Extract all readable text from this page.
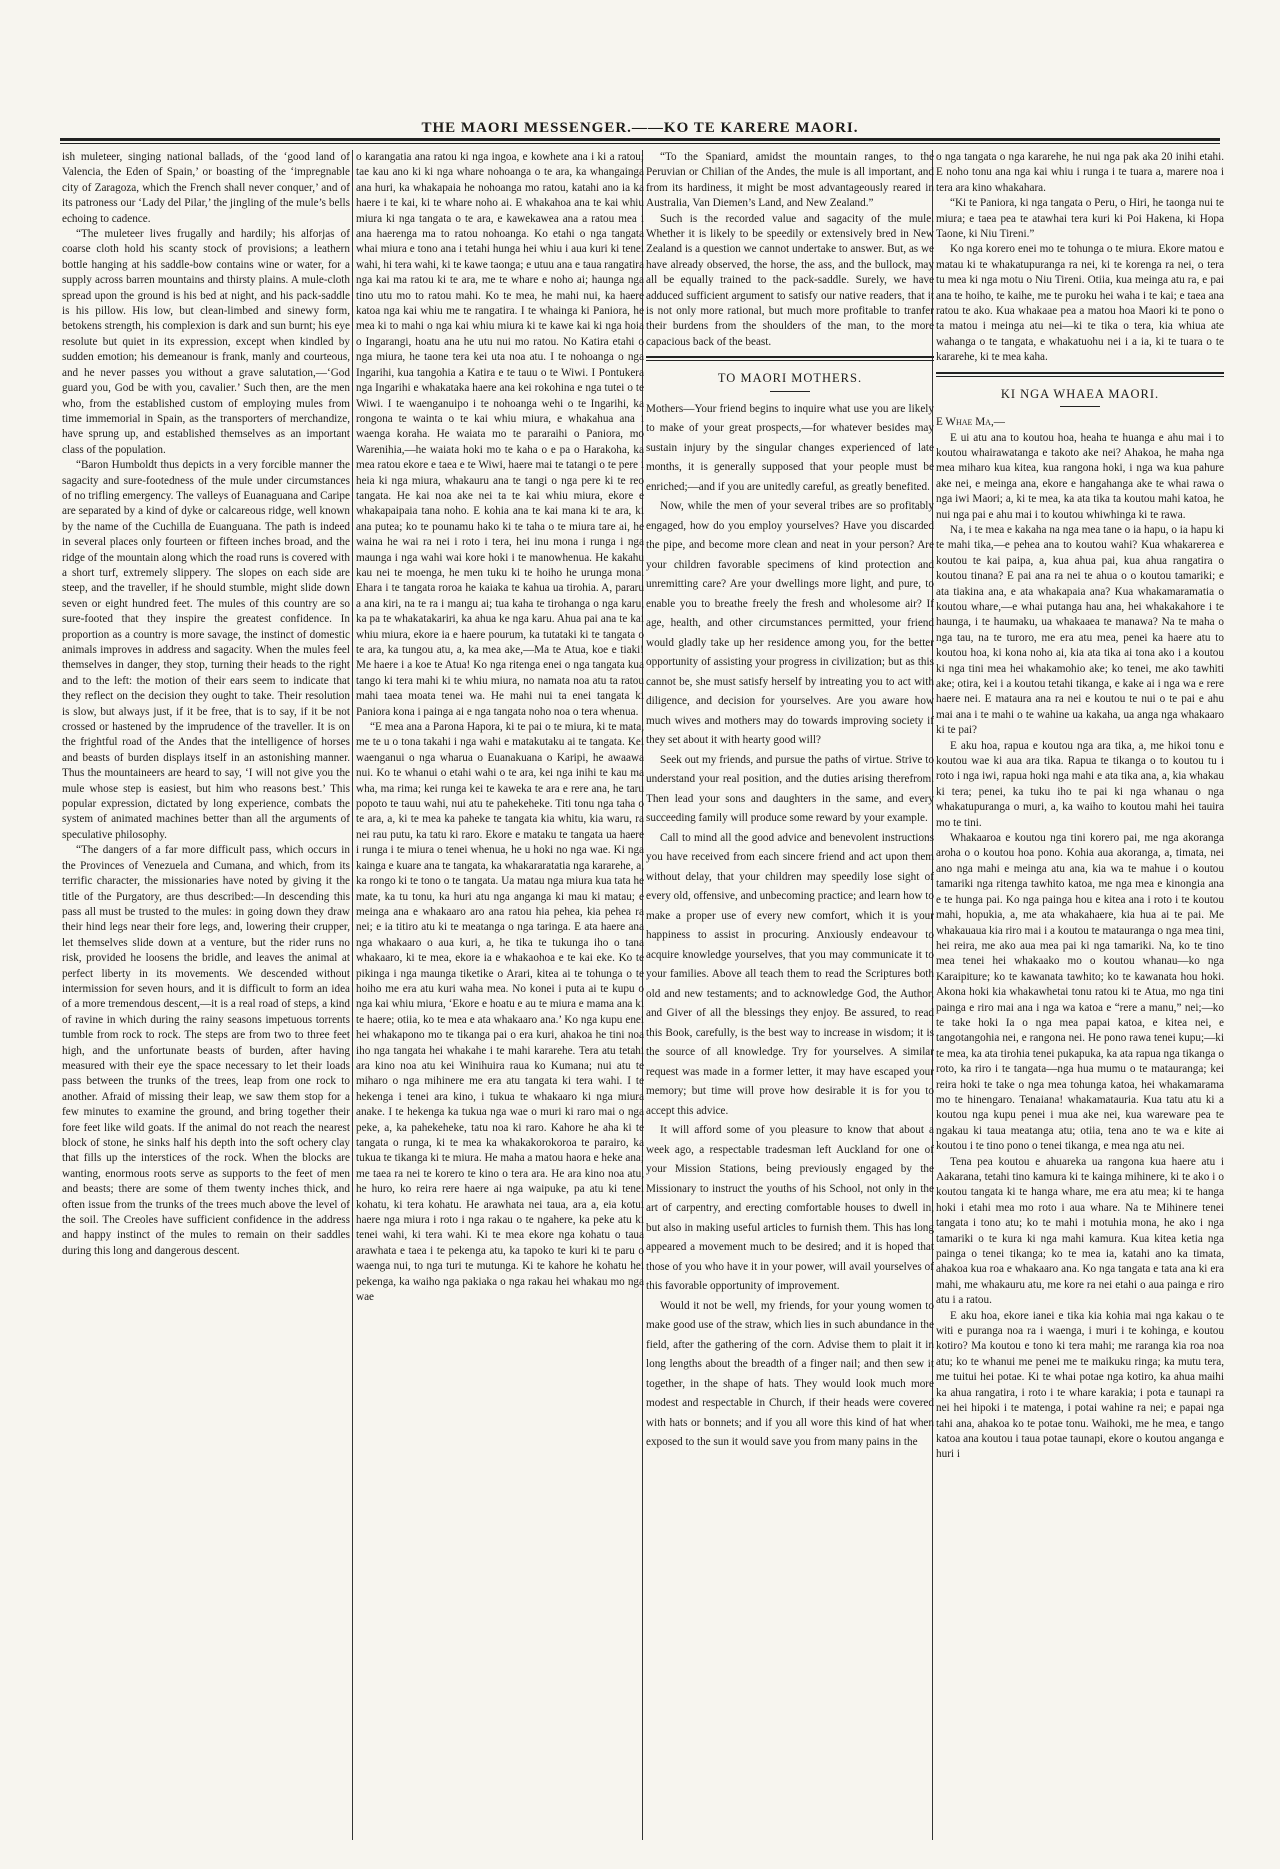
THE MAORI MESSENGER.——KO TE KARERE MAORI.

ish muleteer, singing national ballads, of the ‘good land of Valencia, the Eden of Spain,’ or boasting of the ‘impregnable city of Zaragoza, which the French shall never conquer,’ and of its patroness our ‘Lady del Pilar,’ the jingling of the mule’s bells echoing to cadence.

“The muleteer lives frugally and hardily; his alforjas of coarse cloth hold his scanty stock of provisions; a leathern bottle hanging at his saddle-bow contains wine or water, for a supply across barren mountains and thirsty plains. A mule-cloth spread upon the ground is his bed at night, and his pack-saddle is his pillow. His low, but clean-limbed and sinewy form, betokens strength, his complexion is dark and sun burnt; his eye resolute but quiet in its expression, except when kindled by sudden emotion; his demeanour is frank, manly and courteous, and he never passes you without a grave salutation,—‘God guard you, God be with you, cavalier.’ Such then, are the men who, from the established custom of employing mules from time immemorial in Spain, as the transporters of merchandize, have sprung up, and established themselves as an important class of the population.

“Baron Humboldt thus depicts in a very forcible manner the sagacity and sure-footedness of the mule under circumstances of no trifling emergency. The valleys of Euanaguana and Caripe are separated by a kind of dyke or calcareous ridge, well known by the name of the Cuchilla de Euanguana. The path is indeed in several places only fourteen or fifteen inches broad, and the ridge of the mountain along which the road runs is covered with a short turf, extremely slippery. The slopes on each side are steep, and the traveller, if he should stumble, might slide down seven or eight hundred feet. The mules of this country are so sure-footed that they inspire the greatest confidence. In proportion as a country is more savage, the instinct of domestic animals improves in address and sagacity. When the mules feel themselves in danger, they stop, turning their heads to the right and to the left: the motion of their ears seem to indicate that they reflect on the decision they ought to take. Their resolution is slow, but always just, if it be free, that is to say, if it be not crossed or hastened by the imprudence of the traveller. It is on the frightful road of the Andes that the intelligence of horses and beasts of burden displays itself in an astonishing manner. Thus the mountaineers are heard to say, ‘I will not give you the mule whose step is easiest, but him who reasons best.’ This popular expression, dictated by long experience, combats the system of animated machines better than all the arguments of speculative philosophy.

“The dangers of a far more difficult pass, which occurs in the Provinces of Venezuela and Cumana, and which, from its terrific character, the missionaries have noted by giving it the title of the Purgatory, are thus described:—In descending this pass all must be trusted to the mules: in going down they draw their hind legs near their fore legs, and, lowering their crupper, let themselves slide down at a venture, but the rider runs no risk, provided he loosens the bridle, and leaves the animal at perfect liberty in its movements. We descended without intermission for seven hours, and it is difficult to form an idea of a more tremendous descent,—it is a real road of steps, a kind of ravine in which during the rainy seasons impetuous torrents tumble from rock to rock. The steps are from two to three feet high, and the unfortunate beasts of burden, after having measured with their eye the space necessary to let their loads pass between the trunks of the trees, leap from one rock to another. Afraid of missing their leap, we saw them stop for a few minutes to examine the ground, and bring together their fore feet like wild goats. If the animal do not reach the nearest block of stone, he sinks half his depth into the soft ochery clay that fills up the interstices of the rock. When the blocks are wanting, enormous roots serve as supports to the feet of men and beasts; there are some of them twenty inches thick, and often issue from the trunks of the trees much above the level of the soil. The Creoles have sufficient confidence in the address and happy instinct of the mules to remain on their saddles during this long and dangerous descent.

o karangatia ana ratou ki nga ingoa, e kowhete ana i ki a ratou; tae kau ano ki ki nga whare nohoanga o te ara, ka whangainga ana huri, ka whakapaia he nohoanga mo ratou, katahi ano ia ka haere i te kai, ki te whare noho ai. E whakahoa ana te kai whiu miura ki nga tangata o te ara, e kawekawea ana a ratou mea i ana haerenga ma to ratou nohoanga. Ko etahi o nga tangata whai miura e tono ana i tetahi hunga hei whiu i aua kuri ki tenei wahi, hi tera wahi, ki te kawe taonga; e utuu ana e taua rangatira nga kai ma ratou ki te ara, me te whare e noho ai; haunga nga tino utu mo to ratou mahi. Ko te mea, he mahi nui, ka haere katoa nga kai whiu me te rangatira. I te whainga ki Paniora, he mea ki to mahi o nga kai whiu miura ki te kawe kai ki nga hoia o Ingarangi, hoatu ana he utu nui mo ratou. No Katira etahi o nga miura, he taone tera kei uta noa atu. I te nohoanga o nga Ingarihi, kua tangohia a Katira e te tauu o te Wiwi. I Pontukera nga Ingarihi e whakataka haere ana kei rokohina e nga tutei o te Wiwi. I te waenganuipo i te nohoanga wehi o te Ingarihi, ka rongona te wainta o te kai whiu miura, e whakahua ana i waenga koraha. He waiata mo te pararaihi o Paniora, mo Warenihia,—he waiata hoki mo te kaha o e pa o Harakoha, ka mea ratou ekore e taea e te Wiwi, haere mai te tatangi o te pere i heia ki nga miura, whakauru ana te tangi o nga pere ki te reo tangata. He kai noa ake nei ta te kai whiu miura, ekore e whakapaipaia tana noho. E kohia ana te kai mana ki te ara, ki ana putea; ko te pounamu hako ki te taha o te miura tare ai, he waina he wai ra nei i roto i tera, hei inu mona i runga i nga maunga i nga wahi wai kore hoki i te manowhenua. He kakahu kau nei te moenga, he men tuku ki te hoiho he urunga mona. Ehara i te tangata roroa he kaiaka te kahua ua tirohia. A, pararu a ana kiri, na te ra i mangu ai; tua kaha te tirohanga o nga karu, ka pa te whakatakariri, ka ahua ke nga karu. Ahua pai ana te kai whiu miura, ekore ia e haere pourum, ka tutataki ki te tangata o te ara, ka tungou atu, a, ka mea ake,—Ma te Atua, koe e tiaki! Me haere i a koe te Atua! Ko nga ritenga enei o nga tangata kua tango ki tera mahi ki te whiu miura, no namata noa atu ta ratou mahi taea moata tenei wa. He mahi nui ta enei tangata ki Paniora kona i painga ai e nga tangata noho noa o tera whenua.

“E mea ana a Parona Hapora, ki te pai o te miura, ki te mata, me te u o tona takahi i nga wahi e matakutaku ai te tangata. Kei waenganui o nga wharua o Euanakuana o Karipi, he awaawa nui. Ko te whanui o etahi wahi o te ara, kei nga inihi te kau ma wha, ma rima; kei runga kei te kaweka te ara e rere ana, he taru popoto te tauu wahi, nui atu te pahekeheke. Titi tonu nga taha o te ara, a, ki te mea ka paheke te tangata kia whitu, kia waru, ra nei rau putu, ka tatu ki raro. Ekore e mataku te tangata ua haere i runga i te miura o tenei whenua, he u hoki no nga wae. Ki nga kainga e kuare ana te tangata, ka whakararatatia nga kararehe, a, ka rongo ki te tono o te tangata. Ua matau nga miura kua tata he mate, ka tu tonu, ka huri atu nga anganga ki mau ki matau; e meinga ana e whakaaro aro ana ratou hia pehea, kia pehea ra nei; e ia titiro atu ki te meatanga o nga taringa. E ata haere ana nga whakaaro o aua kuri, a, he tika te tukunga iho o tana whakaaro, ki te mea, ekore ia e whakaohoa e te kai eke. Ko te pikinga i nga maunga tiketike o Arari, kitea ai te tohunga o te hoiho me era atu kuri waha mea. No konei i puta ai te kupu o nga kai whiu miura, ‘Ekore e hoatu e au te miura e mama ana ki te haere; otiia, ko te mea e ata whakaaro ana.’ Ko nga kupu enei hei whakapono mo te tikanga pai o era kuri, ahakoa he tini noa iho nga tangata hei whakahe i te mahi kararehe. Tera atu tetahi ara kino noa atu kei Winihuira raua ko Kumana; nui atu te miharo o nga mihinere me era atu tangata ki tera wahi. I te hekenga i tenei ara kino, i tukua te whakaaro ki nga miura anake. I te hekenga ka tukua nga wae o muri ki raro mai o nga peke, a, ka pahekeheke, tatu noa ki raro. Kahore he aha ki te tangata o runga, ki te mea ka whakakorokoroa te parairo, ka tukua te tikanga ki te miura. He maha a matou haora e heke ana; me taea ra nei te korero te kino o tera ara. He ara kino noa atu, he huro, ko reira rere haere ai nga waipuke, pa atu ki tenei kohatu, ki tera kohatu. He arawhata nei taua, ara a, eia kotui haere nga miura i roto i nga rakau o te ngahere, ka peke atu ki tenei wahi, ki tera wahi. Ki te mea ekore nga kohatu o taua arawhata e taea i te pekenga atu, ka tapoko te kuri ki te paru o waenga nui, to nga turi te mutunga. Ki te kahore he kohatu hei pekenga, ka waiho nga pakiaka o nga rakau hei whakau mo nga wae

“To the Spaniard, amidst the mountain ranges, to the Peruvian or Chilian of the Andes, the mule is all important, and from its hardiness, it might be most advantageously reared in Australia, Van Diemen’s Land, and New Zealand.”

Such is the recorded value and sagacity of the mule. Whether it is likely to be speedily or extensively bred in New Zealand is a question we cannot undertake to answer. But, as we have already observed, the horse, the ass, and the bullock, may all be equally trained to the pack-saddle. Surely, we have adduced sufficient argument to satisfy our native readers, that it is not only more rational, but much more profitable to tranfer their burdens from the shoulders of the man, to the more capacious back of the beast.

TO MAORI MOTHERS.

Mothers—Your friend begins to inquire what use you are likely to make of your great prospects,—for whatever besides may sustain injury by the singular changes experienced of late months, it is generally supposed that your people must be enriched;—and if you are unitedly careful, as greatly benefited.

Now, while the men of your several tribes are so profitably engaged, how do you employ yourselves? Have you discarded the pipe, and become more clean and neat in your person? Are your children favorable specimens of kind protection and unremitting care? Are your dwellings more light, and pure, to enable you to breathe freely the fresh and wholesome air? If age, health, and other circumstances permitted, your friend would gladly take up her residence among you, for the better opportunity of assisting your progress in civilization; but as this cannot be, she must satisfy herself by intreating you to act with diligence, and decision for yourselves. Are you aware how much wives and mothers may do towards improving society if they set about it with hearty good will?

Seek out my friends, and pursue the paths of virtue. Strive to understand your real position, and the duties arising therefrom. Then lead your sons and daughters in the same, and every succeeding family will produce some reward by your example.

Call to mind all the good advice and benevolent instructions you have received from each sincere friend and act upon them without delay, that your children may speedily lose sight of every old, offensive, and unbecoming practice; and learn how to make a proper use of every new comfort, which it is your happiness to assist in procuring. Anxiously endeavour to acquire knowledge yourselves, that you may communicate it to your families. Above all teach them to read the Scriptures both old and new testaments; and to acknowledge God, the Author, and Giver of all the blessings they enjoy. Be assured, to read this Book, carefully, is the best way to increase in wisdom; it is the source of all knowledge. Try for yourselves. A similar request was made in a former letter, it may have escaped your memory; but time will prove how desirable it is for you to accept this advice.

It will afford some of you pleasure to know that about a week ago, a respectable tradesman left Auckland for one of your Mission Stations, being previously engaged by the Missionary to instruct the youths of his School, not only in the art of carpentry, and erecting comfortable houses to dwell in, but also in making useful articles to furnish them. This has long appeared a movement much to be desired; and it is hoped that those of you who have it in your power, will avail yourselves of this favorable opportunity of improvement.

Would it not be well, my friends, for your young women to make good use of the straw, which lies in such abundance in the field, after the gathering of the corn. Advise them to plait it in long lengths about the breadth of a finger nail; and then sew it together, in the shape of hats. They would look much more modest and respectable in Church, if their heads were covered with hats or bonnets; and if you all wore this kind of hat when exposed to the sun it would save you from many pains in the

o nga tangata o nga kararehe, he nui nga pak aka 20 inihi etahi. E noho tonu ana nga kai whiu i runga i te tuara a, marere noa i tera ara kino whakahara.

“Ki te Paniora, ki nga tangata o Peru, o Hiri, he taonga nui te miura; e taea pea te atawhai tera kuri ki Poi Hakena, ki Hopa Taone, ki Niu Tireni.”

Ko nga korero enei mo te tohunga o te miura. Ekore matou e matau ki te whakatupuranga ra nei, ki te korenga ra nei, o tera tu mea ki nga motu o Niu Tireni. Otiia, kua meinga atu ra, e pai ana te hoiho, te kaihe, me te puroku hei waha i te kai; e taea ana ratou te ako. Kua whakaae pea a matou hoa Maori ki te pono o ta matou i meinga atu nei—ki te tika o tera, kia whiua ate wahanga o te tangata, e whakatuohu nei i a ia, ki te tuara o te kararehe, ki te mea kaha.

KI NGA WHAEA MAORI.

E Whae Ma,—

E ui atu ana to koutou hoa, heaha te huanga e ahu mai i to koutou whairawatanga e takoto ake nei? Ahakoa, he maha nga mea miharo kua kitea, kua rangona hoki, i nga wa kua pahure ake nei, e meinga ana, ekore e hangahanga ake te whai rawa o nga iwi Maori; a, ki te mea, ka ata tika ta koutou mahi katoa, he nui nga pai e ahu mai i to koutou whiwhinga ki te rawa.

Na, i te mea e kakaha na nga mea tane o ia hapu, o ia hapu ki te mahi tika,—e pehea ana to koutou wahi? Kua whakarerea e koutou te kai paipa, a, kua ahua pai, kua ahua rangatira o koutou tinana? E pai ana ra nei te ahua o o koutou tamariki; e ata tiakina ana, e ata whakapaia ana? Kua whakamaramatia o koutou whare,—e whai putanga hau ana, hei whakakahore i te haunga, i te haumaku, ua whakaaea te manawa? Na te maha o nga tau, na te turoro, me era atu mea, penei ka haere atu to koutou hoa, ki kona noho ai, kia ata tika ai tona ako i a koutou ki nga tini mea hei whakamohio ake; ko tenei, me ako tawhiti ake; otira, kei i a koutou tetahi tikanga, e kake ai i nga wa e rere haere nei. E mataura ana ra nei e koutou te nui o te pai e ahu mai ana i te mahi o te wahine ua kakaha, ua anga nga whakaaro ki te pai?

E aku hoa, rapua e koutou nga ara tika, a, me hikoi tonu e koutou wae ki aua ara tika. Rapua te tikanga o to koutou tu i roto i nga iwi, rapua hoki nga mahi e ata tika ana, a, kia whakau ki tera; penei, ka tuku iho te pai ki nga whanau o nga whakatupuranga o muri, a, ka waiho to koutou mahi hei tauira mo te tini.

Whakaaroa e koutou nga tini korero pai, me nga akoranga aroha o o koutou hoa pono. Kohia aua akoranga, a, timata, nei ano nga mahi e meinga atu ana, kia wa te mahue i o koutou tamariki nga ritenga tawhito katoa, me nga mea e kinongia ana e te hunga pai. Ko nga painga hou e kitea ana i roto i te koutou mahi, hopukia, a, me ata whakahaere, kia hua ai te pai. Me whakauaua kia riro mai i a koutou te matauranga o nga mea tini, hei reira, me ako aua mea pai ki nga tamariki. Na, ko te tino mea tenei hei whakaako mo o koutou whanau—ko nga Karaipiture; ko te kawanata tawhito; ko te kawanata hou hoki. Akona hoki kia whakawhetai tonu ratou ki te Atua, mo nga tini painga e riro mai ana i nga wa katoa e “rere a manu,” nei;—ko te take hoki Ia o nga mea papai katoa, e kitea nei, e tangotangohia nei, e rangona nei. He pono rawa tenei kupu;—ki te mea, ka ata tirohia tenei pukapuka, ka ata rapua nga tikanga o roto, ka riro i te tangata—nga hua mumu o te matauranga; kei reira hoki te take o nga mea tohunga katoa, hei whakamarama mo te hinengaro. Tenaiana! whakamatauria. Kua tatu atu ki a koutou nga kupu penei i mua ake nei, kua wareware pea te ngakau ki taua meatanga atu; otiia, tena ano te wa e kite ai koutou i te tino pono o tenei tikanga, e mea nga atu nei.

Tena pea koutou e ahuareka ua rangona kua haere atu i Aakarana, tetahi tino kamura ki te kainga mihinere, ki te ako i o koutou tangata ki te hanga whare, me era atu mea; ki te hanga hoki i etahi mea mo roto i aua whare. Na te Mihinere tenei tangata i tono atu; ko te mahi i motuhia mona, he ako i nga tamariki o te kura ki nga mahi kamura. Kua kitea ketia nga painga o tenei tikanga; ko te mea ia, katahi ano ka timata, ahakoa kua roa e whakaaro ana. Ko nga tangata e tata ana ki era mahi, me whakauru atu, me kore ra nei etahi o aua painga e riro atu i a ratou.

E aku hoa, ekore ianei e tika kia kohia mai nga kakau o te witi e puranga noa ra i waenga, i muri i te kohinga, e koutou kotiro? Ma koutou e tono ki tera mahi; me raranga kia roa noa atu; ko te whanui me penei me te maikuku ringa; ka mutu tera, me tuitui hei potae. Ki te whai potae nga kotiro, ka ahua maihi ka ahua rangatira, i roto i te whare karakia; i pota e taunapi ra nei hei hipoki i te matenga, i potai wahine ra nei; e papai nga tahi ana, ahakoa ko te potae tonu. Waihoki, me he mea, e tango katoa ana koutou i taua potae taunapi, ekore o koutou anganga e huri i
